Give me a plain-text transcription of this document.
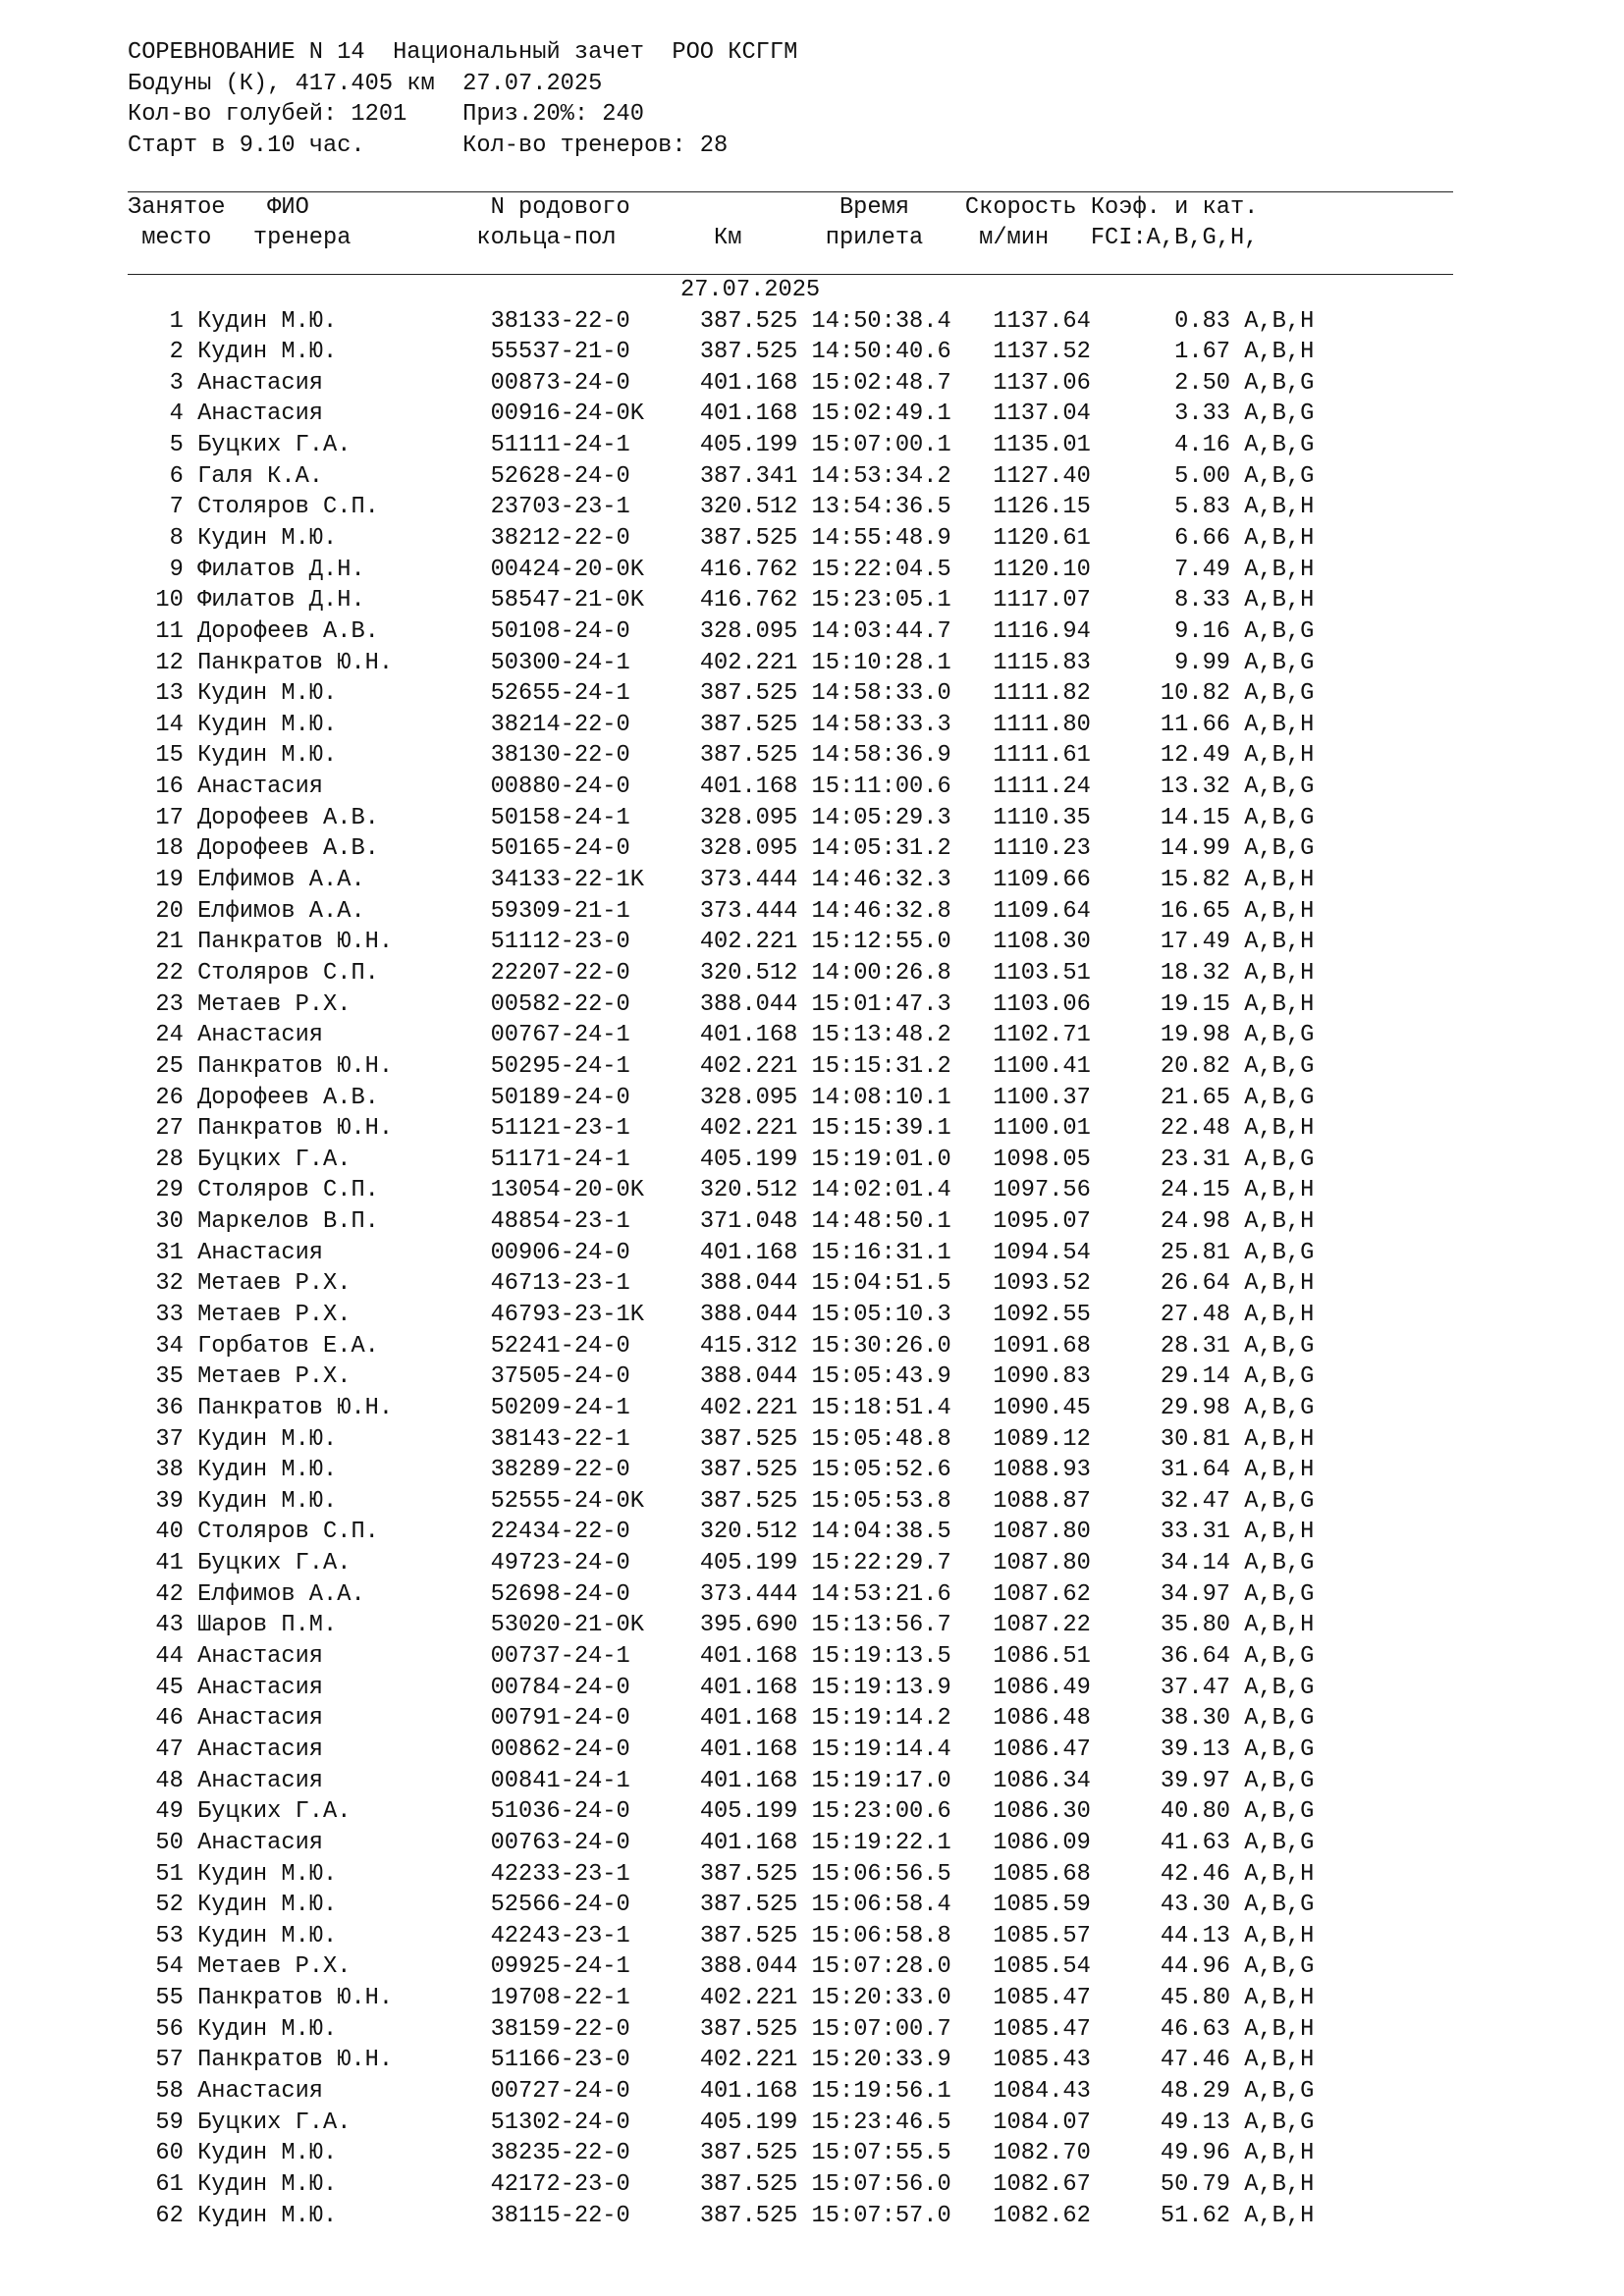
СОРЕВНОВАНИЕ N 14  Национальный зачет  РОО КСГГМ
Бодуны (К), 417.405 км  27.07.2025
Кол-во голубей: 1201    Приз.20%: 240
Старт в 9.10 час.       Кол-во тренеров: 28
Занятое   ФИО             N родового               Время    Скорость Коэф. и кат.
место   тренера         кольца-пол       Км      прилета    м/мин   FCI:A,B,G,H,
27.07.2025
1 Кудин М.Ю.           38133-22-0     387.525 14:50:38.4   1137.64      0.83 A,B,H
2 Кудин М.Ю.           55537-21-0     387.525 14:50:40.6   1137.52      1.67 A,B,H
3 Анастасия            00873-24-0     401.168 15:02:48.7   1137.06      2.50 A,B,G
4 Анастасия            00916-24-0K    401.168 15:02:49.1   1137.04      3.33 A,B,G
5 Буцких Г.А.          51111-24-1     405.199 15:07:00.1   1135.01      4.16 A,B,G
6 Галя К.А.            52628-24-0     387.341 14:53:34.2   1127.40      5.00 A,B,G
7 Столяров С.П.        23703-23-1     320.512 13:54:36.5   1126.15      5.83 A,B,H
8 Кудин М.Ю.           38212-22-0     387.525 14:55:48.9   1120.61      6.66 A,B,H
9 Филатов Д.Н.         00424-20-0K    416.762 15:22:04.5   1120.10      7.49 A,B,H
10 Филатов Д.Н.         58547-21-0K    416.762 15:23:05.1   1117.07      8.33 A,B,H
11 Дорофеев А.В.        50108-24-0     328.095 14:03:44.7   1116.94      9.16 A,B,G
12 Панкратов Ю.Н.       50300-24-1     402.221 15:10:28.1   1115.83      9.99 A,B,G
13 Кудин М.Ю.           52655-24-1     387.525 14:58:33.0   1111.82     10.82 A,B,G
14 Кудин М.Ю.           38214-22-0     387.525 14:58:33.3   1111.80     11.66 A,B,H
15 Кудин М.Ю.           38130-22-0     387.525 14:58:36.9   1111.61     12.49 A,B,H
16 Анастасия            00880-24-0     401.168 15:11:00.6   1111.24     13.32 A,B,G
17 Дорофеев А.В.        50158-24-1     328.095 14:05:29.3   1110.35     14.15 A,B,G
18 Дорофеев А.В.        50165-24-0     328.095 14:05:31.2   1110.23     14.99 A,B,G
19 Елфимов А.А.         34133-22-1K    373.444 14:46:32.3   1109.66     15.82 A,B,H
20 Елфимов А.А.         59309-21-1     373.444 14:46:32.8   1109.64     16.65 A,B,H
21 Панкратов Ю.Н.       51112-23-0     402.221 15:12:55.0   1108.30     17.49 A,B,H
22 Столяров С.П.        22207-22-0     320.512 14:00:26.8   1103.51     18.32 A,B,H
23 Метаев Р.Х.          00582-22-0     388.044 15:01:47.3   1103.06     19.15 A,B,H
24 Анастасия            00767-24-1     401.168 15:13:48.2   1102.71     19.98 A,B,G
25 Панкратов Ю.Н.       50295-24-1     402.221 15:15:31.2   1100.41     20.82 A,B,G
26 Дорофеев А.В.        50189-24-0     328.095 14:08:10.1   1100.37     21.65 A,B,G
27 Панкратов Ю.Н.       51121-23-1     402.221 15:15:39.1   1100.01     22.48 A,B,H
28 Буцких Г.А.          51171-24-1     405.199 15:19:01.0   1098.05     23.31 A,B,G
29 Столяров С.П.        13054-20-0K    320.512 14:02:01.4   1097.56     24.15 A,B,H
30 Маркелов В.П.        48854-23-1     371.048 14:48:50.1   1095.07     24.98 A,B,H
31 Анастасия            00906-24-0     401.168 15:16:31.1   1094.54     25.81 A,B,G
32 Метаев Р.Х.          46713-23-1     388.044 15:04:51.5   1093.52     26.64 A,B,H
33 Метаев Р.Х.          46793-23-1K    388.044 15:05:10.3   1092.55     27.48 A,B,H
34 Горбатов Е.А.        52241-24-0     415.312 15:30:26.0   1091.68     28.31 A,B,G
35 Метаев Р.Х.          37505-24-0     388.044 15:05:43.9   1090.83     29.14 A,B,G
36 Панкратов Ю.Н.       50209-24-1     402.221 15:18:51.4   1090.45     29.98 A,B,G
37 Кудин М.Ю.           38143-22-1     387.525 15:05:48.8   1089.12     30.81 A,B,H
38 Кудин М.Ю.           38289-22-0     387.525 15:05:52.6   1088.93     31.64 A,B,H
39 Кудин М.Ю.           52555-24-0K    387.525 15:05:53.8   1088.87     32.47 A,B,G
40 Столяров С.П.        22434-22-0     320.512 14:04:38.5   1087.80     33.31 A,B,H
41 Буцких Г.А.          49723-24-0     405.199 15:22:29.7   1087.80     34.14 A,B,G
42 Елфимов А.А.         52698-24-0     373.444 14:53:21.6   1087.62     34.97 A,B,G
43 Шаров П.М.           53020-21-0K    395.690 15:13:56.7   1087.22     35.80 A,B,H
44 Анастасия            00737-24-1     401.168 15:19:13.5   1086.51     36.64 A,B,G
45 Анастасия            00784-24-0     401.168 15:19:13.9   1086.49     37.47 A,B,G
46 Анастасия            00791-24-0     401.168 15:19:14.2   1086.48     38.30 A,B,G
47 Анастасия            00862-24-0     401.168 15:19:14.4   1086.47     39.13 A,B,G
48 Анастасия            00841-24-1     401.168 15:19:17.0   1086.34     39.97 A,B,G
49 Буцких Г.А.          51036-24-0     405.199 15:23:00.6   1086.30     40.80 A,B,G
50 Анастасия            00763-24-0     401.168 15:19:22.1   1086.09     41.63 A,B,G
51 Кудин М.Ю.           42233-23-1     387.525 15:06:56.5   1085.68     42.46 A,B,H
52 Кудин М.Ю.           52566-24-0     387.525 15:06:58.4   1085.59     43.30 A,B,G
53 Кудин М.Ю.           42243-23-1     387.525 15:06:58.8   1085.57     44.13 A,B,H
54 Метаев Р.Х.          09925-24-1     388.044 15:07:28.0   1085.54     44.96 A,B,G
55 Панкратов Ю.Н.       19708-22-1     402.221 15:20:33.0   1085.47     45.80 A,B,H
56 Кудин М.Ю.           38159-22-0     387.525 15:07:00.7   1085.47     46.63 A,B,H
57 Панкратов Ю.Н.       51166-23-0     402.221 15:20:33.9   1085.43     47.46 A,B,H
58 Анастасия            00727-24-0     401.168 15:19:56.1   1084.43     48.29 A,B,G
59 Буцких Г.А.          51302-24-0     405.199 15:23:46.5   1084.07     49.13 A,B,G
60 Кудин М.Ю.           38235-22-0     387.525 15:07:55.5   1082.70     49.96 A,B,H
61 Кудин М.Ю.           42172-23-0     387.525 15:07:56.0   1082.67     50.79 A,B,H
62 Кудин М.Ю.           38115-22-0     387.525 15:07:57.0   1082.62     51.62 A,B,H
